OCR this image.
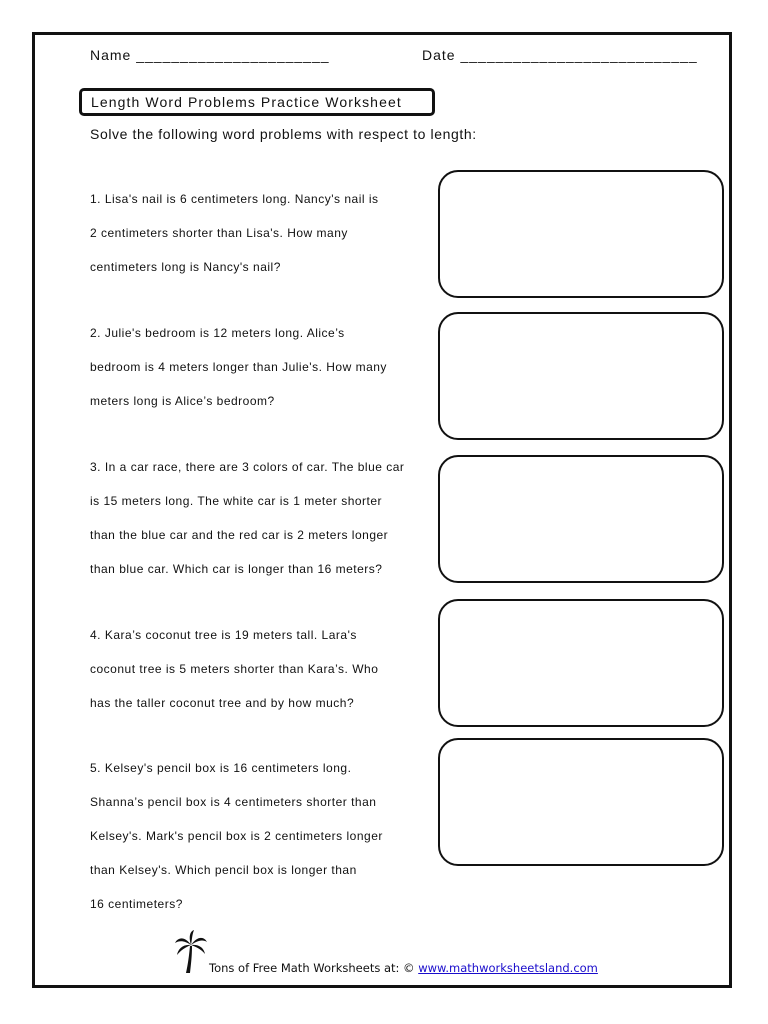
Name ______________________	Date ___________________________
Length Word Problems Practice Worksheet
Solve the following word problems with respect to length:
1. Lisa's nail is 6 centimeters long. Nancy's nail is
2 centimeters shorter than Lisa's. How many
centimeters long is Nancy's nail?
2. Julie's bedroom is 12 meters long. Alice’s
bedroom is 4 meters longer than Julie's. How many
meters long is Alice’s bedroom?
3. In a car race, there are 3 colors of car. The blue car
is 15 meters long. The white car is 1 meter shorter
than the blue car and the red car is 2 meters longer
than blue car. Which car is longer than 16 meters?
4. Kara’s coconut tree is 19 meters tall. Lara's
coconut tree is 5 meters shorter than Kara’s. Who
has the taller coconut tree and by how much?
5. Kelsey's pencil box is 16 centimeters long.
Shanna’s pencil box is 4 centimeters shorter than
Kelsey's. Mark's pencil box is 2 centimeters longer
than Kelsey's. Which pencil box is longer than
16 centimeters?
Tons of Free Math Worksheets at: © www.mathworksheetsland.com
